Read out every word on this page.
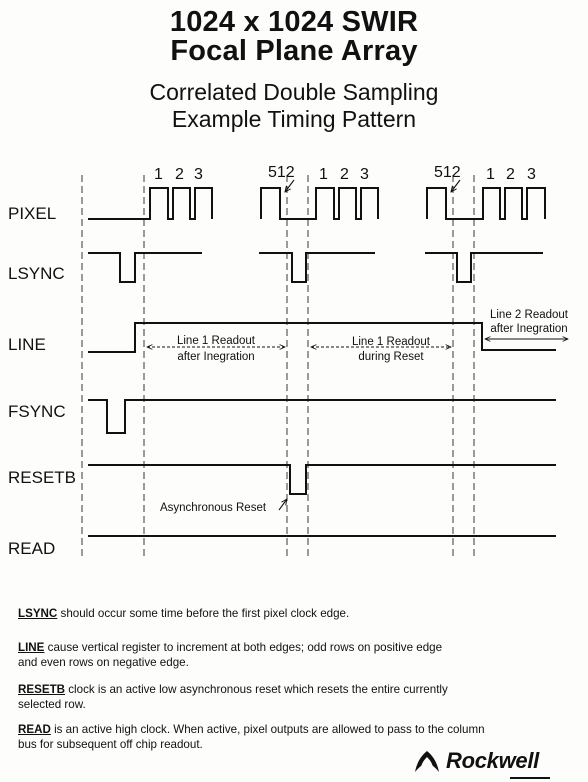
1024 x 1024 SWIR
Focal Plane Array
Correlated Double Sampling
Example Timing Pattern
PIXEL
LSYNC
LINE
FSYNC
RESETB
READ
1 2 3	512 1 2 3	512 1 2 3
Line 1 Readout
after Inegration
Line 1 Readout
during Reset
Line 2 Readout
after Inegration
Asynchronous Reset
LSYNC should occur some time before the first pixel clock edge.
LINE cause vertical register to increment at both edges; odd rows on positive edge
and even rows on negative edge.
RESETB clock is an active low asynchronous reset which resets the entire currently
selected row.
READ is an active high clock. When active, pixel outputs are allowed to pass to the column
bus for subsequent off chip readout.
Rockwell
